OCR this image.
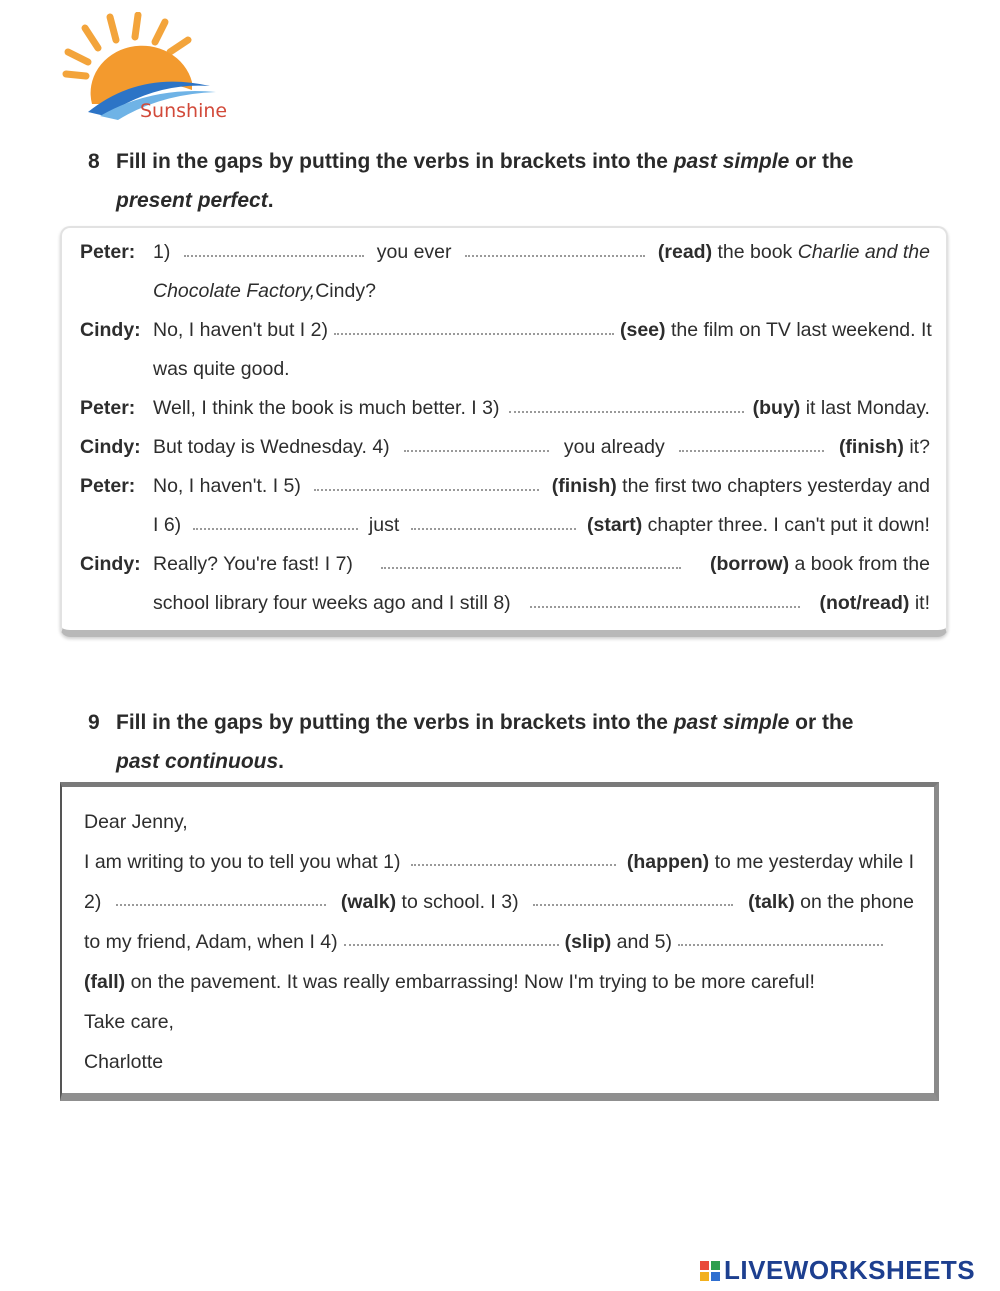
Sunshine
8 Fill in the gaps by putting the verbs in brackets into the past simple or the
present perfect.
Peter: 1)	you ever	(read) the book Charlie and the
Chocolate Factory, Cindy?
Cindy: No, I haven't but I 2)	(see) the film on TV last weekend. It
was quite good.
Peter: Well, I think the book is much better. I 3)	(buy) it last Monday.
Cindy: But today is Wednesday. 4)	you already	(finish) it?
Peter: No, I haven't. I 5)	(finish) the first two chapters yesterday and
I 6)	just	(start) chapter three. I can't put it down!
Cindy: Really? You're fast! I 7)	(borrow) a book from the
school library four weeks ago and I still 8)	(not/read) it!
9 Fill in the gaps by putting the verbs in brackets into the past simple or the
past continuous.
Dear Jenny,
I am writing to you to tell you what 1)	(happen) to me yesterday while I
2)	(walk) to school. I 3)	(talk) on the phone
to my friend, Adam, when I 4)	(slip) and 5)
(fall) on the pavement. It was really embarrassing! Now I'm trying to be more careful!
Take care,
Charlotte
LIVEWORKSHEETS
